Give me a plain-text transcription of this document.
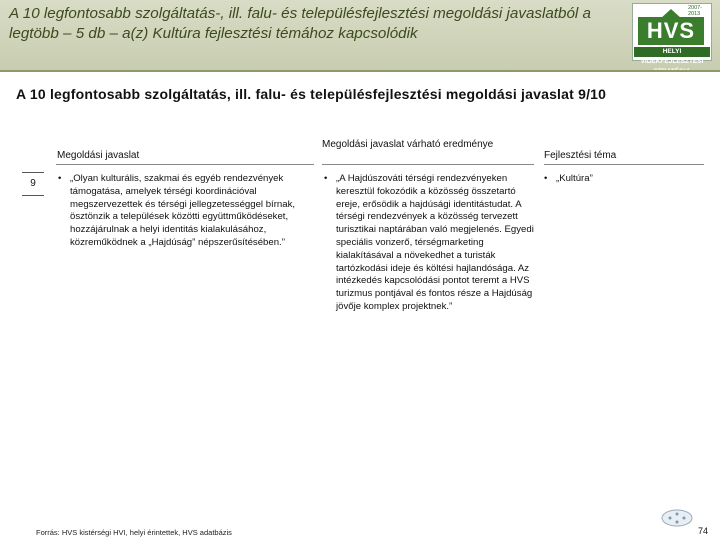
A 10 legfontosabb szolgáltatás-, ill. falu- és településfejlesztési megoldási javaslatból a legtöbb – 5 db – a(z) Kultúra fejlesztési témához kapcsolódik
2007-2013
HVS
HELYI VIDÉKFEJLESZTÉSI
A 10 legfontosabb szolgáltatás, ill. falu- és településfejlesztési megoldási javaslat 9/10
Megoldási javaslat
Megoldási javaslat várható eredménye
Fejlesztési téma
9	• „Olyan kulturális, szakmai és egyéb rendezvények támogatása, amelyek térségi koordinációval megszervezettek és térségi jellegzetességgel bírnak, ösztönzik a települések közötti együttműködéseket, hozzájárulnak a helyi identitás kialakulásához, közreműködnek a „Hajdúság” népszerűsítésében.”
• „A Hajdúszováti térségi rendezvényeken keresztül fokozódik a közösség összetartó ereje, erősödik a hajdúsági identitástudat. A térségi rendezvények a közösség tervezett turisztikai naptárában való megjelenés. Egyedi speciális vonzerő, térségmarketing kialakításával a növekedhet a turisták tartózkodási ideje és költési hajlandósága. Az intézkedés kapcsolódási pontot teremt a HVS turizmus pontjával és fontos része a Hajdúság jövője komplex projektnek.”
• „Kultúra”
Forrás: HVS kistérségi HVI, helyi érintettek, HVS adatbázis	74
